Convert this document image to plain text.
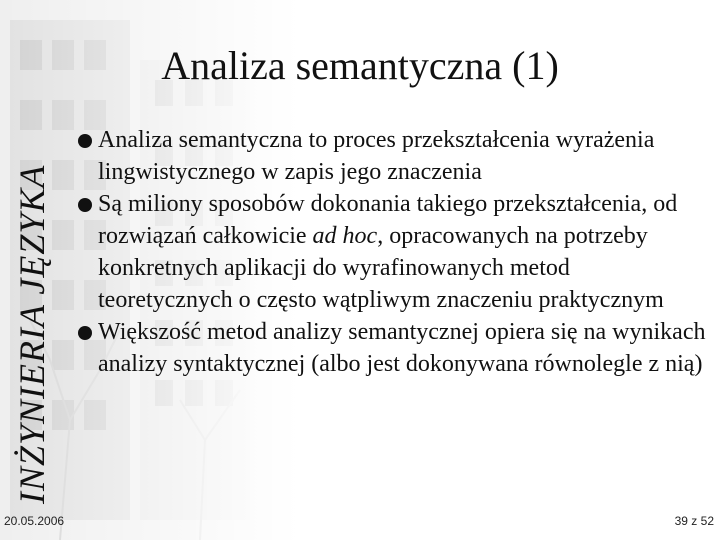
INŻYNIERIA JĘZYKA
Analiza semantyczna (1)
Analiza semantyczna to proces przekształcenia wyrażenia lingwistycznego w zapis jego znaczenia
Są miliony sposobów dokonania takiego przekształcenia, od rozwiązań całkowicie ad hoc, opracowanych na potrzeby konkretnych aplikacji do wyrafinowanych metod teoretycznych o często wątpliwym znaczeniu praktycznym
Większość metod analizy semantycznej opiera się na wynikach analizy syntaktycznej (albo jest dokonywana równolegle z nią)
20.05.2006	39 z 52
